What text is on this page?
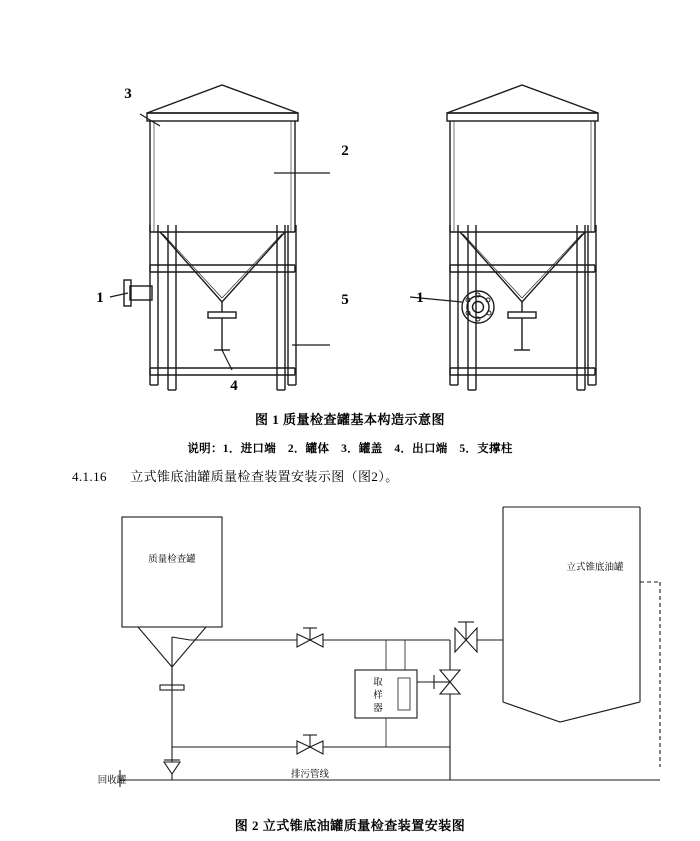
3
2
1
4
5	1
图 1 质量检查罐基本构造示意图
说明：1．进口端　2．罐体　3．罐盖　4．出口端　5．支撑柱
4.1.16 立式锥底油罐质量检查装置安装示图（图2）。
质量检查罐
立式锥底油罐
取
样
器
回收罐
排污管线
图 2 立式锥底油罐质量检查装置安装图
